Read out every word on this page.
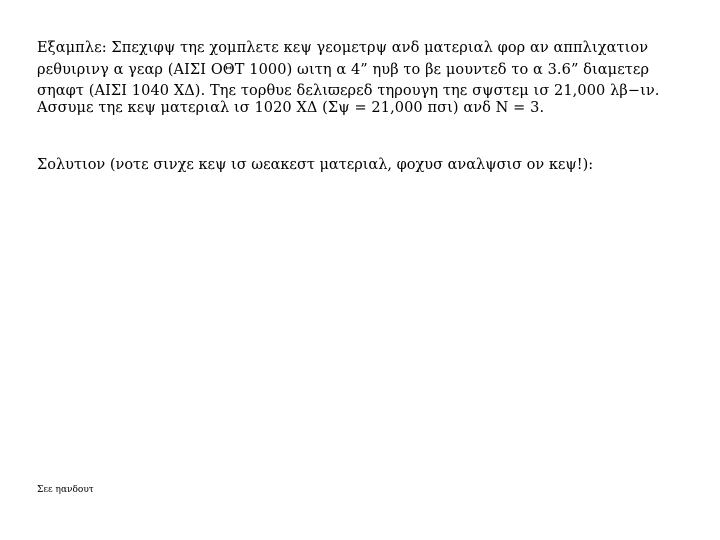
Εξαμπλε: Σπεχιφψ τηε χομπλετε κεψ γεομετρψ ανδ ματεριαλ φορ αν αππλιχατιον
ρεθυιρινγ α γεαρ (ΑΙΣΙ ΟΘΤ 1000) ωιτη α 4” ηυβ το βε μουντεδ το α 3.6” διαμετερ
σηαφτ (ΑΙΣΙ 1040 ΧΔ). Τηε τορθυε δελιϖερεδ τηρουγη τηε σψστεμ ισ 21,000 λβ−ιν.
Ασσυμε τηε κεψ ματεριαλ ισ 1020 ΧΔ (Σψ = 21,000 πσι) ανδ Ν = 3.
Σολυτιον (νοτε σινχε κεψ ισ ωεακεστ ματεριαλ, φοχυσ αναλψσισ ον κεψ!):
Σεε ηανδουτ
